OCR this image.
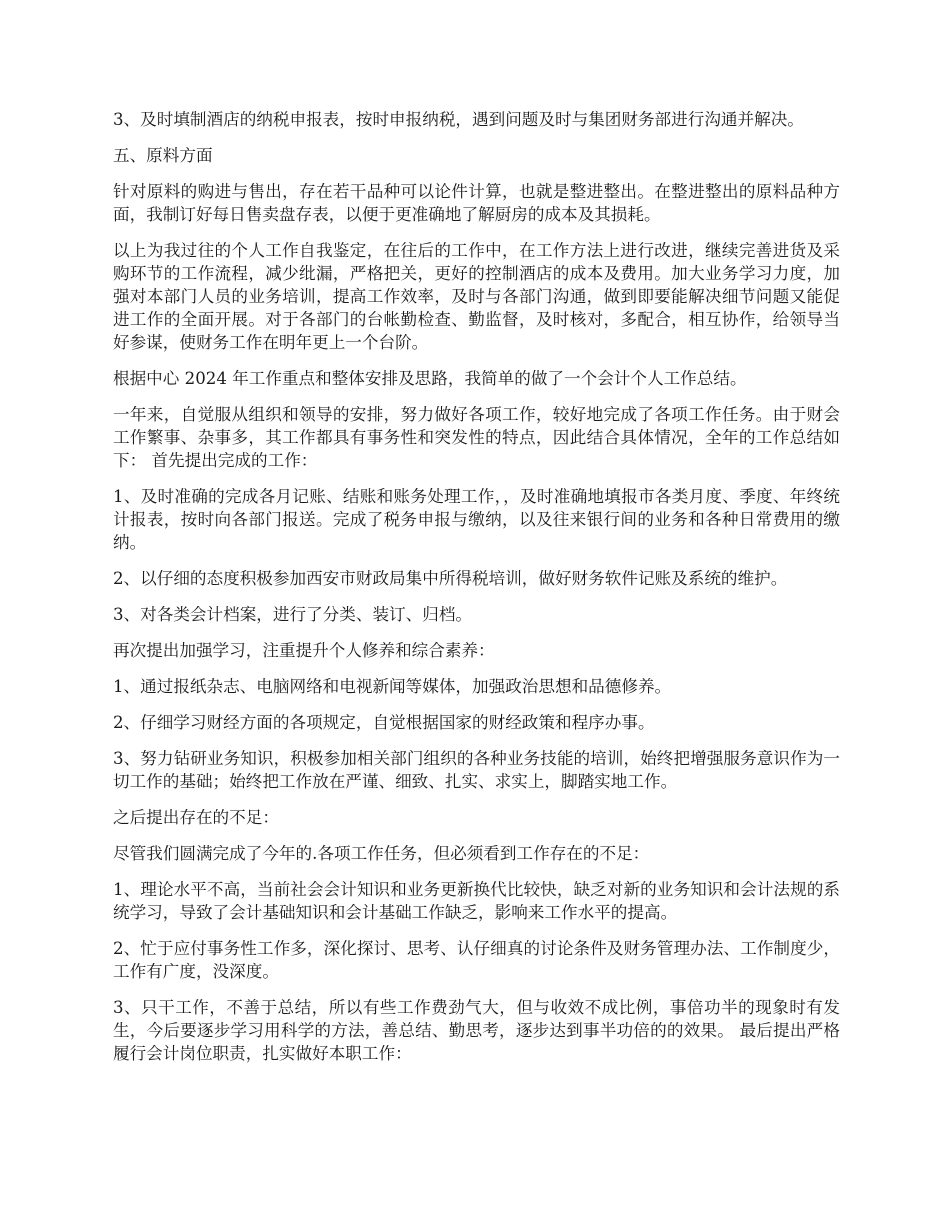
3、及时填制酒店的纳税申报表，按时申报纳税，遇到问题及时与集团财务部进行沟通并解决。

五、原料方面

针对原料的购进与售出，存在若干品种可以论件计算，也就是整进整出。在整进整出的原料品种方面，我制订好每日售卖盘存表，以便于更准确地了解厨房的成本及其损耗。

以上为我过往的个人工作自我鉴定，在往后的工作中，在工作方法上进行改进，继续完善进货及采购环节的工作流程，减少纰漏，严格把关，更好的控制酒店的成本及费用。加大业务学习力度，加强对本部门人员的业务培训，提高工作效率，及时与各部门沟通，做到即要能解决细节问题又能促进工作的全面开展。对于各部门的台帐勤检查、勤监督，及时核对，多配合，相互协作，给领导当好参谋，使财务工作在明年更上一个台阶。

根据中心 2024 年工作重点和整体安排及思路，我简单的做了一个会计个人工作总结。

一年来，自觉服从组织和领导的安排，努力做好各项工作，较好地完成了各项工作任务。由于财会工作繁事、杂事多，其工作都具有事务性和突发性的特点，因此结合具体情况，全年的工作总结如下： 首先提出完成的工作：

1、及时准确的完成各月记账、结账和账务处理工作，，及时准确地填报市各类月度、季度、年终统计报表，按时向各部门报送。完成了税务申报与缴纳，以及往来银行间的业务和各种日常费用的缴纳。

2、以仔细的态度积极参加西安市财政局集中所得税培训，做好财务软件记账及系统的维护。

3、对各类会计档案，进行了分类、装订、归档。

再次提出加强学习，注重提升个人修养和综合素养：

1、通过报纸杂志、电脑网络和电视新闻等媒体，加强政治思想和品德修养。

2、仔细学习财经方面的各项规定，自觉根据国家的财经政策和程序办事。

3、努力钻研业务知识，积极参加相关部门组织的各种业务技能的培训，始终把增强服务意识作为一切工作的基础；始终把工作放在严谨、细致、扎实、求实上，脚踏实地工作。

之后提出存在的不足：

尽管我们圆满完成了今年的.各项工作任务，但必须看到工作存在的不足：

1、理论水平不高，当前社会会计知识和业务更新换代比较快，缺乏对新的业务知识和会计法规的系统学习，导致了会计基础知识和会计基础工作缺乏，影响来工作水平的提高。

2、忙于应付事务性工作多，深化探讨、思考、认仔细真的讨论条件及财务管理办法、工作制度少，工作有广度，没深度。

3、只干工作，不善于总结，所以有些工作费劲气大，但与收效不成比例，事倍功半的现象时有发生，今后要逐步学习用科学的方法，善总结、勤思考，逐步达到事半功倍的的效果。 最后提出严格履行会计岗位职责，扎实做好本职工作：
